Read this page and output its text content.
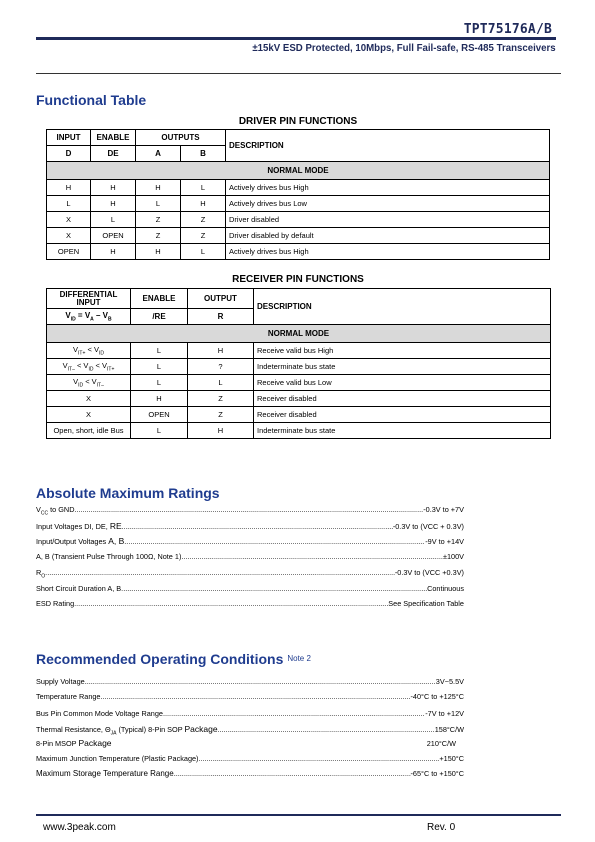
TPT75176A/B
±15kV ESD Protected, 10Mbps, Full Fail-safe, RS-485 Transceivers
Functional Table
DRIVER PIN FUNCTIONS
INPUT	ENABLE	OUTPUTS		DESCRIPTION
D	DE	A	B	
NORMAL MODE				
H	H	H	L	Actively drives bus High
L	H	L	H	Actively drives bus Low
X	L	Z	Z	Driver disabled
X	OPEN	Z	Z	Driver disabled by default
OPEN	H	H	L	Actively drives bus High
RECEIVER PIN FUNCTIONS
DIFFERENTIAL
INPUT	ENABLE	OUTPUT	DESCRIPTION
$V_{ID} = V_A - V_B$	/RE	R	
NORMAL MODE			
$V_{IT+} < V_{ID}$	L	H	Receive valid bus High
$V_{IT-} < V_{ID} < V_{IT+}$	L	?	Indeterminate bus state
$V_{ID} < V_{IT-}$	L	L	Receive valid bus Low
X	H	Z	Receiver disabled
X	OPEN	Z	Receiver disabled
Open, short, idle Bus	L	H	Indeterminate bus state
Absolute Maximum Ratings
$V_{CC}$ to GND .....	-0.3V to +7V
Input Voltages DI, DE, RE .....	-0.3V to (VCC + 0.3V)
Input/Output Voltages A, B .....	-9V to +14V
A, B (Transient Pulse Through 100Ω, Note 1) .....	±100V
$R_O$ .....	-0.3V to (VCC +0.3V)
Short Circuit Duration A, B .....	Continuous
ESD Rating .....	See Specification Table
Recommended Operating Conditions $^{Note 2}$
Supply Voltage .....	3V~5.5V
Temperature Range .....	-40°C to +125°C
Bus Pin Common Mode Voltage Range .....	-7V to +12V
Thermal Resistance, $\Theta_{JA}$ (Typical) 8-Pin SOP Package .....	158°C/W
8-Pin MSOP Package	210°C/W
Maximum Junction Temperature (Plastic Package) .....	+150°C
Maximum Storage Temperature Range .....	-65°C to +150°C
www.3peak.com	Rev. 0
